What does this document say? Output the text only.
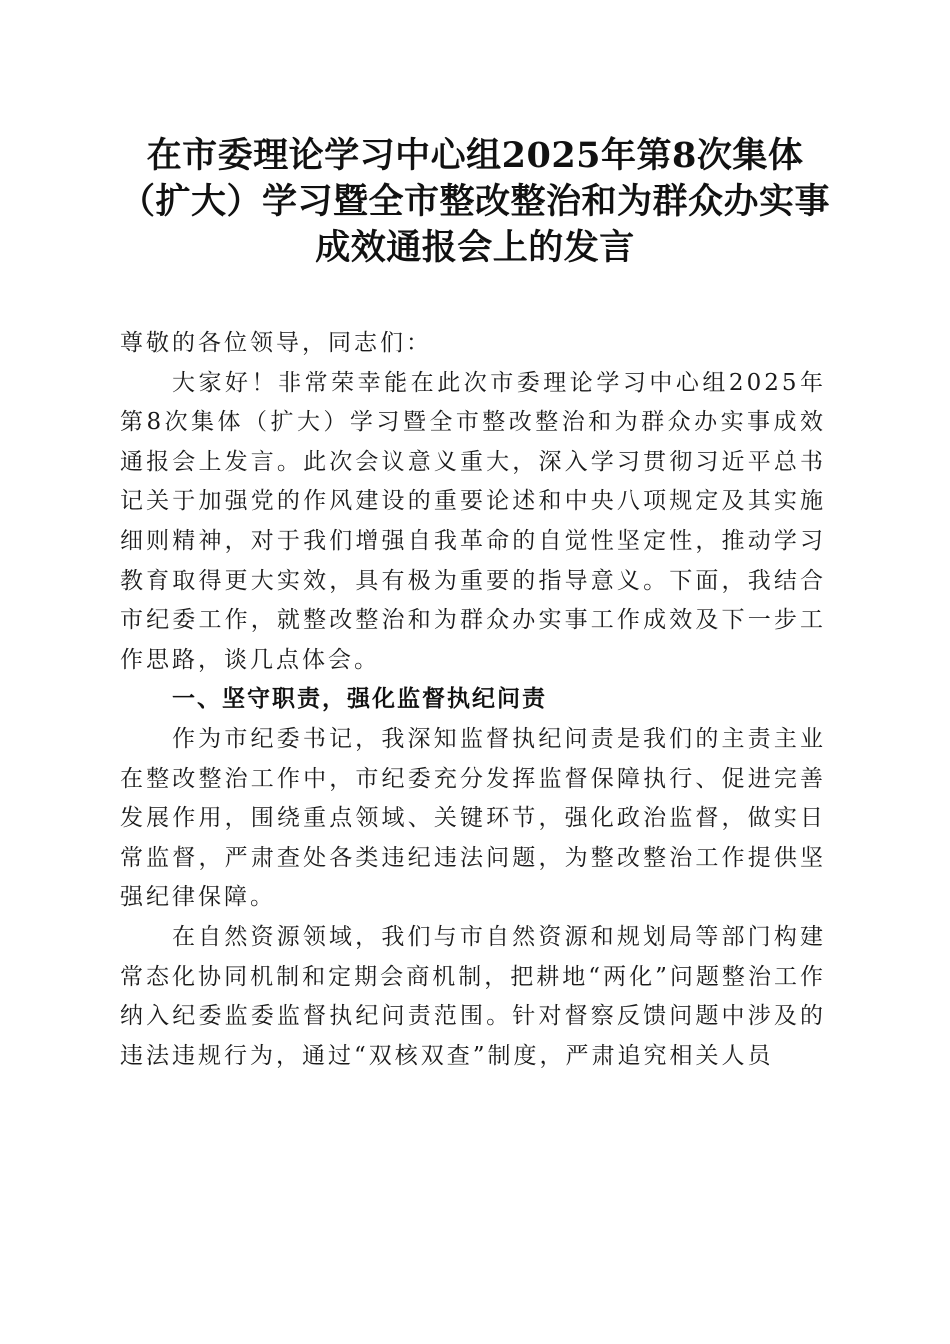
在市委理论学习中心组2025年第8次集体
（扩大）学习暨全市整改整治和为群众办实事
成效通报会上的发言

尊敬的各位领导，同志们：

大家好！非常荣幸能在此次市委理论学习中心组2025年第8次集体（扩大）学习暨全市整改整治和为群众办实事成效通报会上发言。此次会议意义重大，深入学习贯彻习近平总书记关于加强党的作风建设的重要论述和中央八项规定及其实施细则精神，对于我们增强自我革命的自觉性坚定性，推动学习教育取得更大实效，具有极为重要的指导意义。下面，我结合市纪委工作，就整改整治和为群众办实事工作成效及下一步工作思路，谈几点体会。

一、坚守职责，强化监督执纪问责

作为市纪委书记，我深知监督执纪问责是我们的主责主业在整改整治工作中，市纪委充分发挥监督保障执行、促进完善发展作用，围绕重点领域、关键环节，强化政治监督，做实日常监督，严肃查处各类违纪违法问题，为整改整治工作提供坚强纪律保障。

在自然资源领域，我们与市自然资源和规划局等部门构建常态化协同机制和定期会商机制，把耕地“两化”问题整治工作纳入纪委监委监督执纪问责范围。针对督察反馈问题中涉及的违法违规行为，通过“双核双查”制度，严肃追究相关人员
